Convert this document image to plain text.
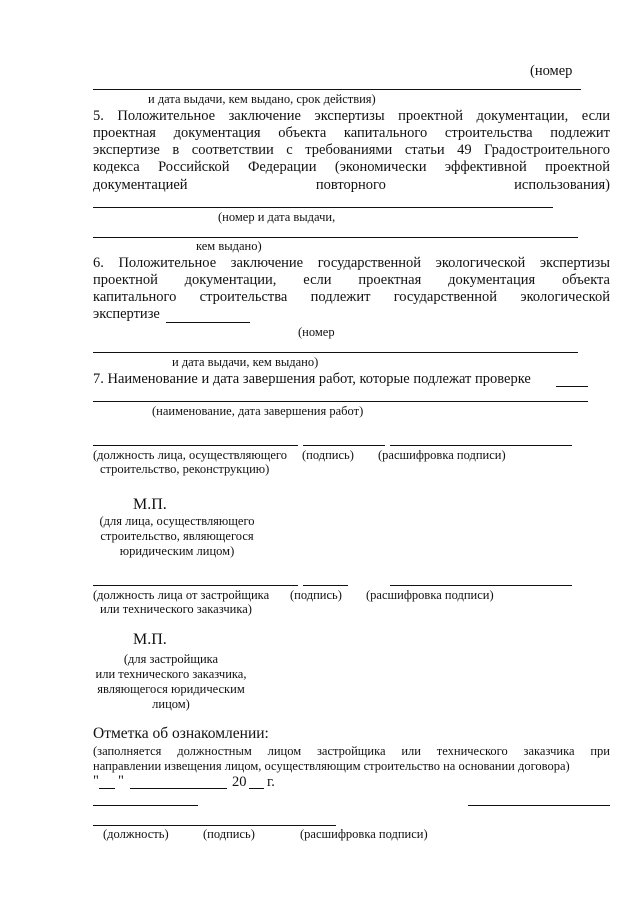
(номер
и дата выдачи, кем выдано, срок действия)
5. Положительное заключение экспертизы проектной документации, если
проектная документация объекта капитального строительства подлежит
экспертизе в соответствии с требованиями статьи 49 Градостроительного
кодекса Российской Федерации (экономически эффективной проектной
документацией повторного использования)
(номер и дата выдачи,
кем выдано)
6. Положительное заключение государственной экологической экспертизы
проектной документации, если проектная документация объекта
капитального строительства подлежит государственной экологической
экспертизе
(номер
и дата выдачи, кем выдано)
7. Наименование и дата завершения работ, которые подлежат проверке
(наименование, дата завершения работ)
(должность лица, осуществляющего (подпись) (расшифровка подписи)
строительство, реконструкцию)
М.П.
(для лица, осуществляющего
строительство, являющегося
юридическим лицом)
(должность лица от застройщика (подпись) (расшифровка подписи)
или технического заказчика)
М.П.
(для застройщика
или технического заказчика,
являющегося юридическим
лицом)
Отметка об ознакомлении:
(заполняется должностным лицом застройщика или технического заказчика при
направлении извещения лицом, осуществляющим строительство на основании договора)
" "	20 г.
(должность)	(подпись)	(расшифровка подписи)
